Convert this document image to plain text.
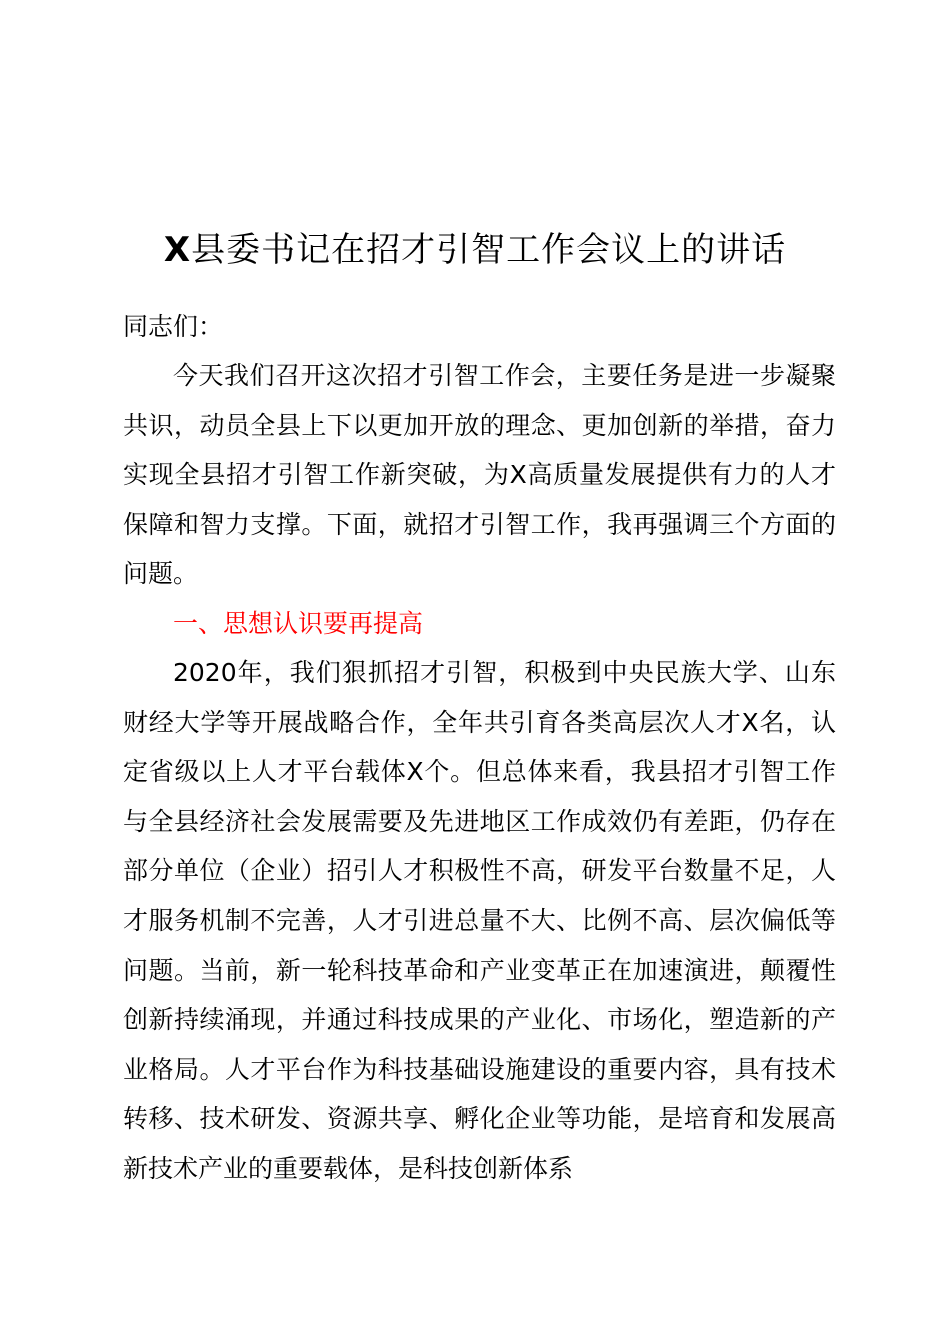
X县委书记在招才引智工作会议上的讲话
同志们：
今天我们召开这次招才引智工作会，主要任务是进一步凝聚共识，动员全县上下以更加开放的理念、更加创新的举措，奋力实现全县招才引智工作新突破，为X高质量发展提供有力的人才保障和智力支撑。下面，就招才引智工作，我再强调三个方面的问题。
一、思想认识要再提高
2020年，我们狠抓招才引智，积极到中央民族大学、山东财经大学等开展战略合作，全年共引育各类高层次人才X名，认定省级以上人才平台载体X个。但总体来看，我县招才引智工作与全县经济社会发展需要及先进地区工作成效仍有差距，仍存在部分单位（企业）招引人才积极性不高，研发平台数量不足，人才服务机制不完善，人才引进总量不大、比例不高、层次偏低等问题。当前，新一轮科技革命和产业变革正在加速演进，颠覆性创新持续涌现，并通过科技成果的产业化、市场化，塑造新的产业格局。人才平台作为科技基础设施建设的重要内容，具有技术转移、技术研发、资源共享、孵化企业等功能，是培育和发展高新技术产业的重要载体，是科技创新体系
